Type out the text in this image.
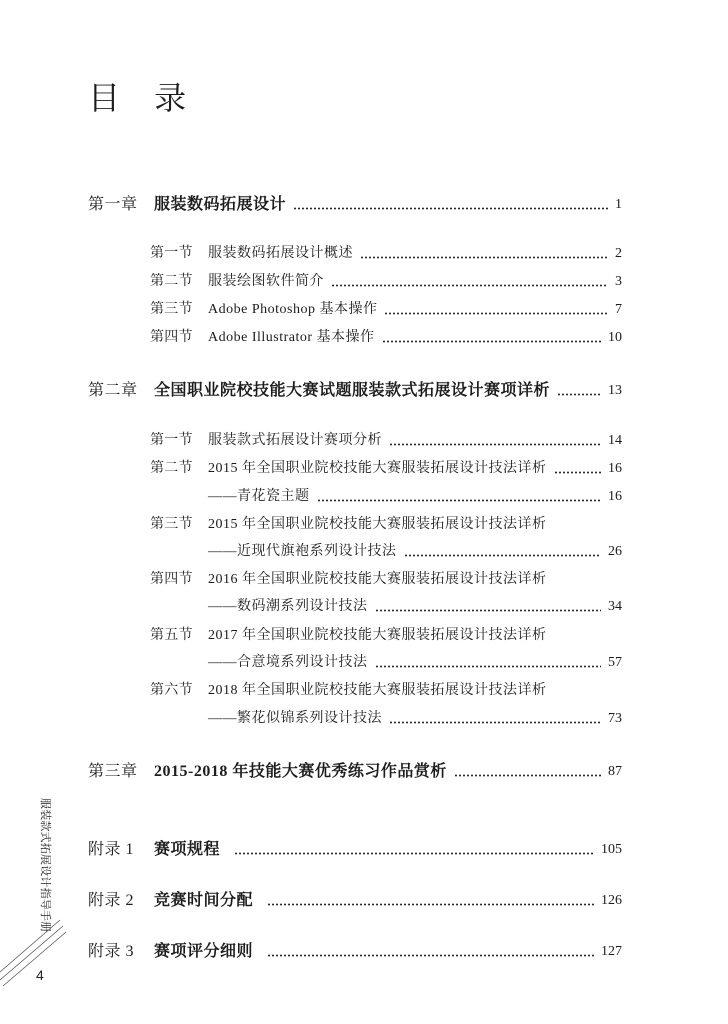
目 录
第一章	服装数码拓展设计	1
第一节	服装数码拓展设计概述	2
第二节	服装绘图软件简介	3
第三节	Adobe Photoshop 基本操作	7
第四节	Adobe Illustrator 基本操作	10
第二章	全国职业院校技能大赛试题服装款式拓展设计赛项详析	13
第一节	服装款式拓展设计赛项分析	14
第二节	2015 年全国职业院校技能大赛服装拓展设计技法详析	16
——青花瓷主题	16
第三节	2015 年全国职业院校技能大赛服装拓展设计技法详析
——近现代旗袍系列设计技法	26
第四节	2016 年全国职业院校技能大赛服装拓展设计技法详析
——数码潮系列设计技法	34
第五节	2017 年全国职业院校技能大赛服装拓展设计技法详析
——合意境系列设计技法	57
第六节	2018 年全国职业院校技能大赛服装拓展设计技法详析
——繁花似锦系列设计技法	73
第三章	2015-2018 年技能大赛优秀练习作品赏析	87
附录 1	赛项规程	105
附录 2	竞赛时间分配	126
附录 3	赛项评分细则	127
服装款式拓展设计指导手册
4
